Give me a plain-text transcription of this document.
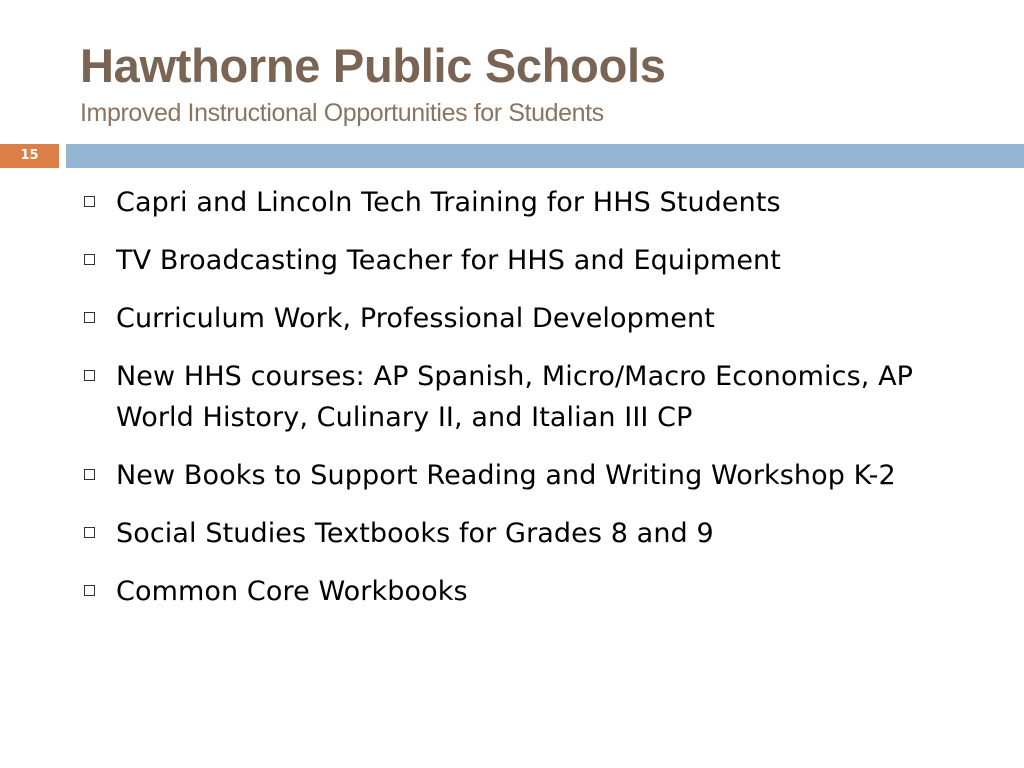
Hawthorne Public Schools
Improved Instructional Opportunities for Students
15
Capri and Lincoln Tech Training for HHS Students
TV Broadcasting Teacher for HHS and Equipment
Curriculum Work, Professional Development
New HHS courses: AP Spanish, Micro/Macro Economics, AP World History, Culinary II, and Italian III CP
New Books to Support Reading and Writing Workshop K-2
Social Studies Textbooks for Grades 8 and 9
Common Core Workbooks
